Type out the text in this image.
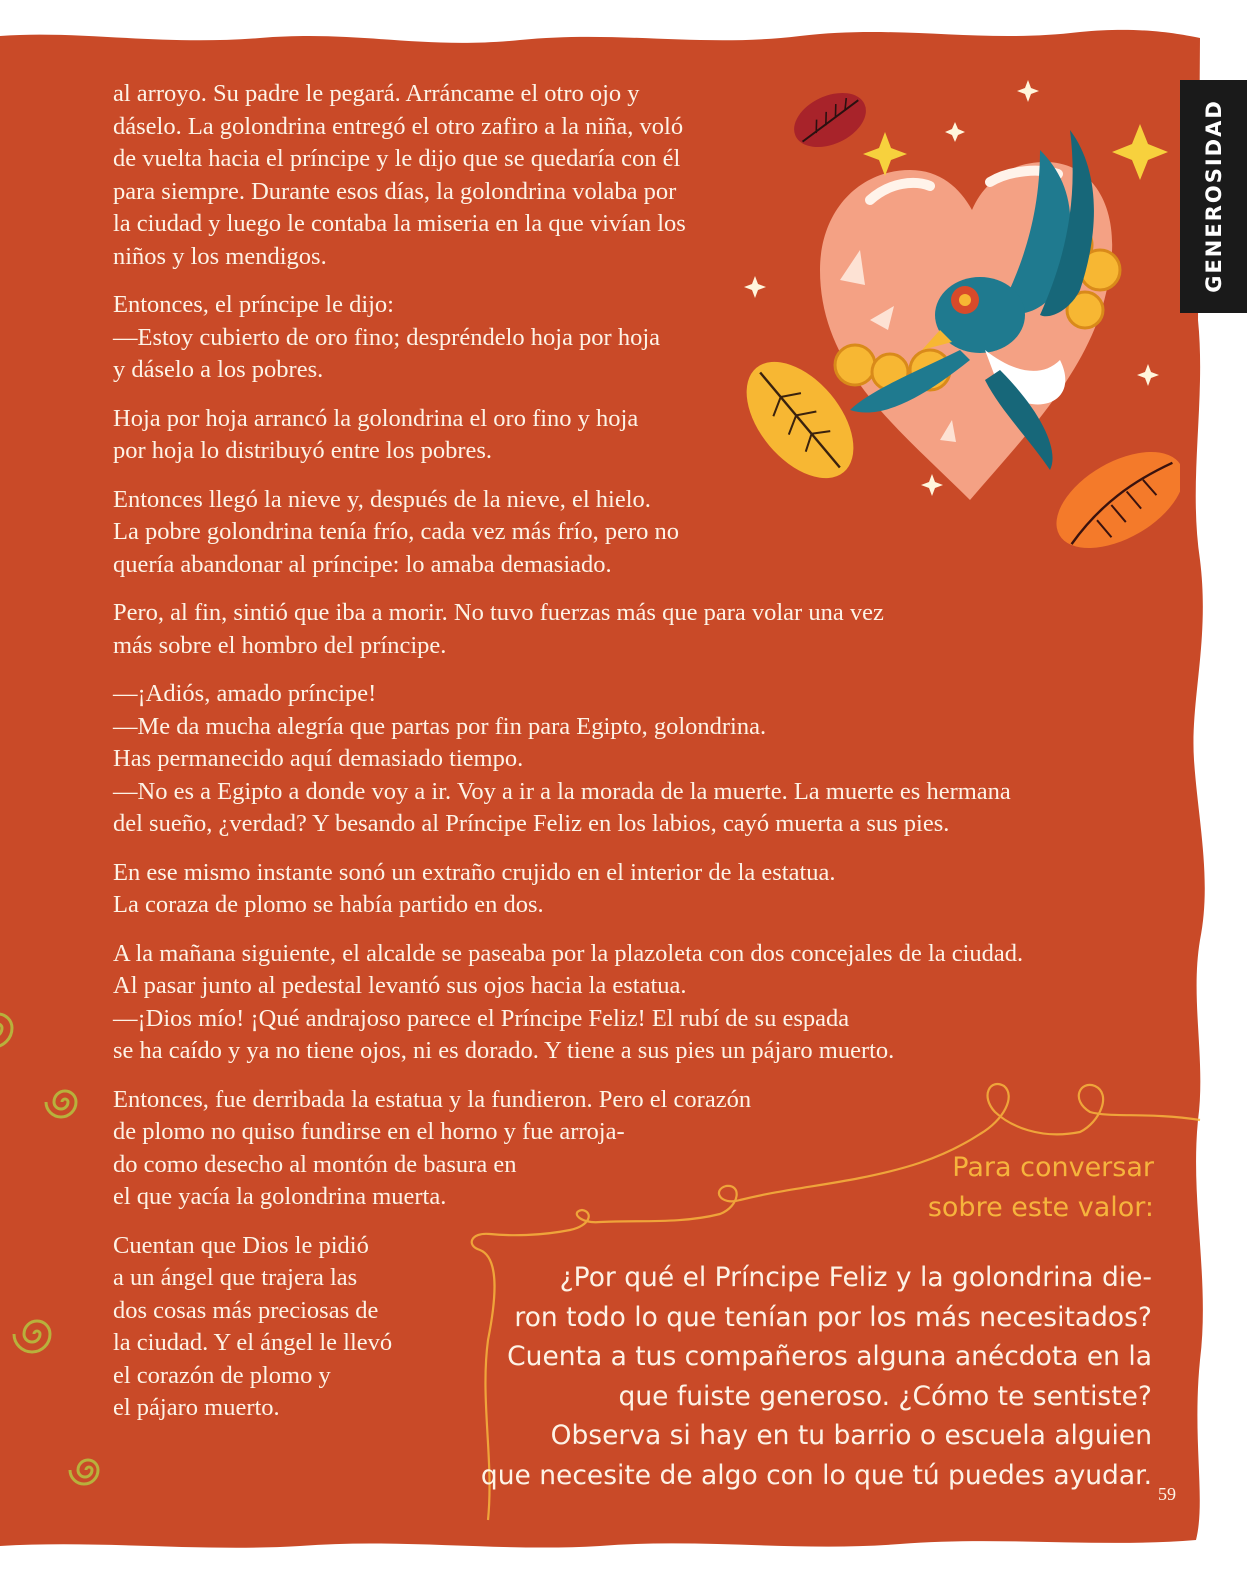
GENEROSIDAD

al arroyo. Su padre le pegará. Arráncame el otro ojo y
dáselo. La golondrina entregó el otro zafiro a la niña, voló
de vuelta hacia el príncipe y le dijo que se quedaría con él
para siempre. Durante esos días, la golondrina volaba por
la ciudad y luego le contaba la miseria en la que vivían los
niños y los mendigos.

Entonces, el príncipe le dijo:
—Estoy cubierto de oro fino; despréndelo hoja por hoja
y dáselo a los pobres.

Hoja por hoja arrancó la golondrina el oro fino y hoja
por hoja lo distribuyó entre los pobres.

Entonces llegó la nieve y, después de la nieve, el hielo.
La pobre golondrina tenía frío, cada vez más frío, pero no
quería abandonar al príncipe: lo amaba demasiado.

Pero, al fin, sintió que iba a morir. No tuvo fuerzas más que para volar una vez
más sobre el hombro del príncipe.

—¡Adiós, amado príncipe!
—Me da mucha alegría que partas por fin para Egipto, golondrina.
Has permanecido aquí demasiado tiempo.
—No es a Egipto a donde voy a ir. Voy a ir a la morada de la muerte. La muerte es hermana
del sueño, ¿verdad? Y besando al Príncipe Feliz en los labios, cayó muerta a sus pies.

En ese mismo instante sonó un extraño crujido en el interior de la estatua.
La coraza de plomo se había partido en dos.

A la mañana siguiente, el alcalde se paseaba por la plazoleta con dos concejales de la ciudad.
Al pasar junto al pedestal levantó sus ojos hacia la estatua.
—¡Dios mío! ¡Qué andrajoso parece el Príncipe Feliz! El rubí de su espada
se ha caído y ya no tiene ojos, ni es dorado. Y tiene a sus pies un pájaro muerto.

Entonces, fue derribada la estatua y la fundieron. Pero el corazón
de plomo no quiso fundirse en el horno y fue arroja-
do como desecho al montón de basura en
el que yacía la golondrina muerta.

Cuentan que Dios le pidió
a un ángel que trajera las
dos cosas más preciosas de
la ciudad. Y el ángel le llevó
el corazón de plomo y
el pájaro muerto.

Para conversar
sobre este valor:
¿Por qué el Príncipe Feliz y la golondrina die-
ron todo lo que tenían por los más necesitados?
Cuenta a tus compañeros alguna anécdota en la
que fuiste generoso. ¿Cómo te sentiste?
Observa si hay en tu barrio o escuela alguien
que necesite de algo con lo que tú puedes ayudar.
59
